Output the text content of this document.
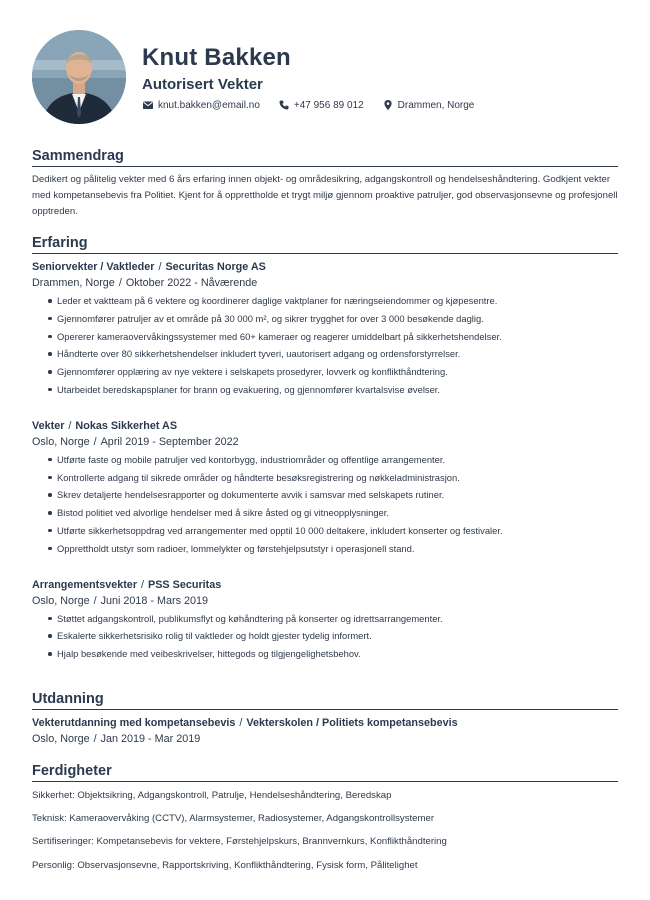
Knut Bakken
Autorisert Vekter
knut.bakken@email.no	+47 956 89 012	Drammen, Norge
Sammendrag

Dedikert og pålitelig vekter med 6 års erfaring innen objekt- og områdesikring, adgangskontroll og hendelseshåndtering. Godkjent vekter med kompetansebevis fra Politiet. Kjent for å opprettholde et trygt miljø gjennom proaktive patruljer, god observasjonsevne og profesjonell opptreden.

Erfaring
Seniorvekter / Vaktleder / Securitas Norge AS
Drammen, Norge / Oktober 2022 - Nåværende
Leder et vaktteam på 6 vektere og koordinerer daglige vaktplaner for næringseiendommer og kjøpesentre.
Gjennomfører patruljer av et område på 30 000 m², og sikrer trygghet for over 3 000 besøkende daglig.
Opererer kameraovervåkingssystemer med 60+ kameraer og reagerer umiddelbart på sikkerhetshendelser.
Håndterte over 80 sikkerhetshendelser inkludert tyveri, uautorisert adgang og ordensforstyrrelser.
Gjennomfører opplæring av nye vektere i selskapets prosedyrer, lovverk og konflikthåndtering.
Utarbeidet beredskapsplaner for brann og evakuering, og gjennomfører kvartalsvise øvelser.
Vekter / Nokas Sikkerhet AS
Oslo, Norge / April 2019 - September 2022
Utførte faste og mobile patruljer ved kontorbygg, industriområder og offentlige arrangementer.
Kontrollerte adgang til sikrede områder og håndterte besøksregistrering og nøkkeladministrasjon.
Skrev detaljerte hendelsesrapporter og dokumenterte avvik i samsvar med selskapets rutiner.
Bistod politiet ved alvorlige hendelser med å sikre åsted og gi vitneopplysninger.
Utførte sikkerhetsoppdrag ved arrangementer med opptil 10 000 deltakere, inkludert konserter og festivaler.
Opprettholdt utstyr som radioer, lommelykter og førstehjelpsutstyr i operasjonell stand.
Arrangementsvekter / PSS Securitas
Oslo, Norge / Juni 2018 - Mars 2019
Støttet adgangskontroll, publikumsflyt og køhåndtering på konserter og idrettsarrangementer.
Eskalerte sikkerhetsrisiko rolig til vaktleder og holdt gjester tydelig informert.
Hjalp besøkende med veibeskrivelser, hittegods og tilgjengelighetsbehov.
Utdanning
Vekterutdanning med kompetansebevis / Vekterskolen / Politiets kompetansebevis
Oslo, Norge / Jan 2019 - Mar 2019
Ferdigheter
Sikkerhet: Objektsikring, Adgangskontroll, Patrulje, Hendelseshåndtering, Beredskap
Teknisk: Kameraovervåking (CCTV), Alarmsystemer, Radiosystemer, Adgangskontrollsystemer
Sertifiseringer: Kompetansebevis for vektere, Førstehjelpskurs, Brannvernkurs, Konflikthåndtering
Personlig: Observasjonsevne, Rapportskriving, Konflikthåndtering, Fysisk form, Pålitelighet
